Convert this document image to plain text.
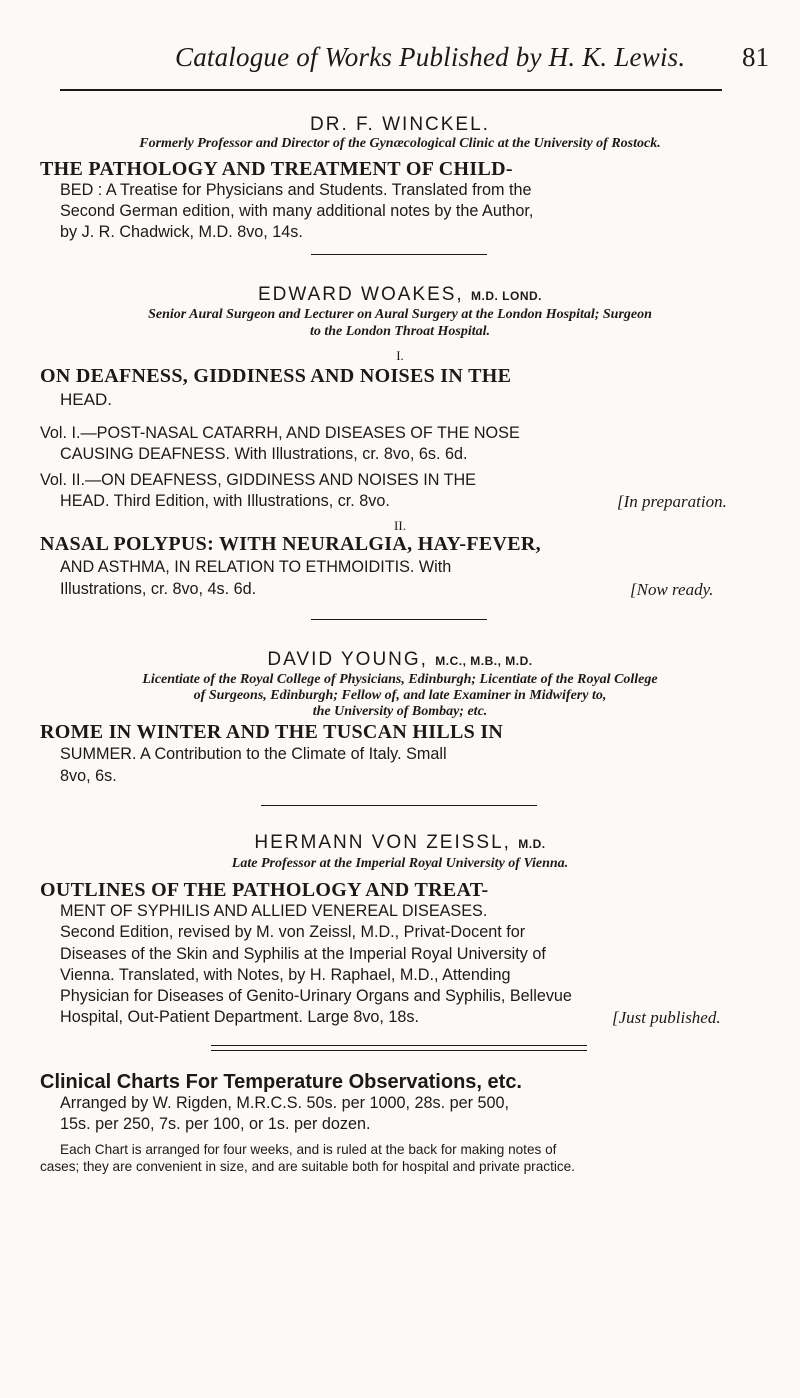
Catalogue of Works Published by H. K. Lewis. 81
DR. F. WINCKEL.
Formerly Professor and Director of the Gynæcological Clinic at the University of Rostock.
THE PATHOLOGY AND TREATMENT OF CHILD-
BED : A Treatise for Physicians and Students. Translated from the
Second German edition, with many additional notes by the Author,
by J. R. Chadwick, M.D. 8vo, 14s.
EDWARD WOAKES, M.D. LOND.
Senior Aural Surgeon and Lecturer on Aural Surgery at the London Hospital; Surgeon
to the London Throat Hospital.
I.
ON DEAFNESS, GIDDINESS AND NOISES IN THE
HEAD.
Vol. I.—POST-NASAL CATARRH, AND DISEASES OF THE NOSE
CAUSING DEAFNESS. With Illustrations, cr. 8vo, 6s. 6d.
Vol. II.—ON DEAFNESS, GIDDINESS AND NOISES IN THE
HEAD. Third Edition, with Illustrations, cr. 8vo.	[In preparation.
II.
NASAL POLYPUS: WITH NEURALGIA, HAY-FEVER,
AND ASTHMA, IN RELATION TO ETHMOIDITIS. With
Illustrations, cr. 8vo, 4s. 6d.	[Now ready.
DAVID YOUNG, M.C., M.B., M.D.
Licentiate of the Royal College of Physicians, Edinburgh; Licentiate of the Royal College
of Surgeons, Edinburgh; Fellow of, and late Examiner in Midwifery to,
the University of Bombay; etc.
ROME IN WINTER AND THE TUSCAN HILLS IN
SUMMER. A Contribution to the Climate of Italy. Small
8vo, 6s.
HERMANN VON ZEISSL, M.D.
Late Professor at the Imperial Royal University of Vienna.
OUTLINES OF THE PATHOLOGY AND TREAT-
MENT OF SYPHILIS AND ALLIED VENEREAL DISEASES.
Second Edition, revised by M. von Zeissl, M.D., Privat-Docent for
Diseases of the Skin and Syphilis at the Imperial Royal University of
Vienna. Translated, with Notes, by H. Raphael, M.D., Attending
Physician for Diseases of Genito-Urinary Organs and Syphilis, Bellevue
Hospital, Out-Patient Department. Large 8vo, 18s.	[Just published.
Clinical Charts For Temperature Observations, etc.
Arranged by W. Rigden, M.R.C.S. 50s. per 1000, 28s. per 500,
15s. per 250, 7s. per 100, or 1s. per dozen.
Each Chart is arranged for four weeks, and is ruled at the back for making notes of
cases; they are convenient in size, and are suitable both for hospital and private practice.
